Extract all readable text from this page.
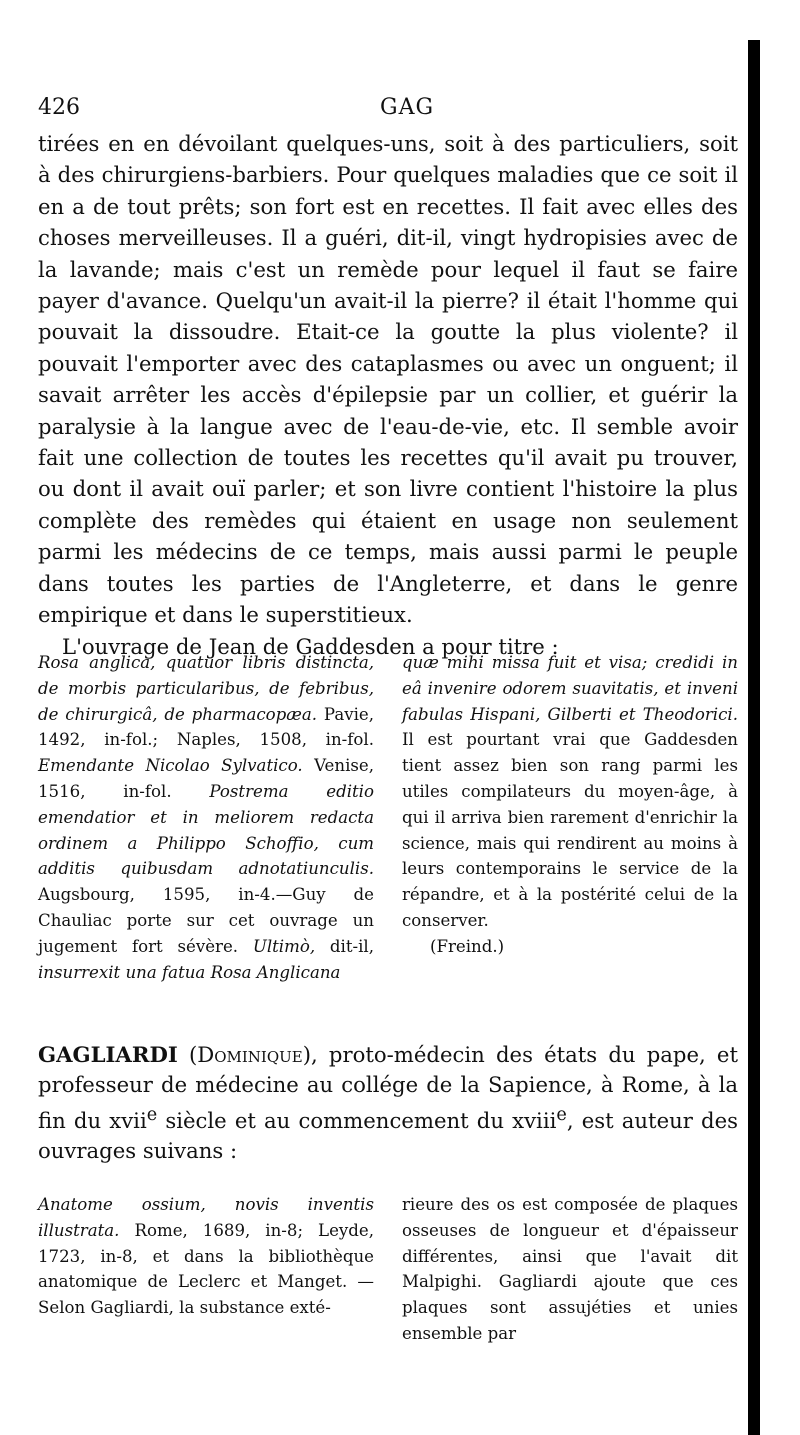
426	GAG

tirées en en dévoilant quelques-uns, soit à des particuliers, soit à des chirurgiens-barbiers. Pour quelques maladies que ce soit il en a de tout prêts; son fort est en recettes. Il fait avec elles des choses merveilleuses. Il a guéri, dit-il, vingt hydropisies avec de la lavande; mais c'est un remède pour lequel il faut se faire payer d'avance. Quelqu'un avait-il la pierre? il était l'homme qui pouvait la dissoudre. Etait-ce la goutte la plus violente? il pouvait l'emporter avec des cataplasmes ou avec un onguent; il savait arrêter les accès d'épilepsie par un collier, et guérir la paralysie à la langue avec de l'eau-de-vie, etc. Il semble avoir fait une collection de toutes les recettes qu'il avait pu trouver, ou dont il avait ouï parler; et son livre contient l'histoire la plus complète des remèdes qui étaient en usage non seulement parmi les médecins de ce temps, mais aussi parmi le peuple dans toutes les parties de l'Angleterre, et dans le genre empirique et dans le superstitieux.

L'ouvrage de Jean de Gaddesden a pour titre :

Rosa anglica, quatuor libris distincta, de morbis particularibus, de febribus, de chirurgicâ, de pharmacopæa. Pavie, 1492, in-fol.; Naples, 1508, in-fol. Emendante Nicolao Sylvatico. Venise, 1516, in-fol. Postrema editio emendatior et in meliorem redacta ordinem a Philippo Schoffio, cum additis quibusdam adnotatiunculis. Augsbourg, 1595, in-4.—Guy de Chauliac porte sur cet ouvrage un jugement fort sévère. Ultimò, dit-il, insurrexit una fatua Rosa Anglicana

quæ mihi missa fuit et visa; credidi in eâ invenire odorem suavitatis, et inveni fabulas Hispani, Gilberti et Theodorici. Il est pourtant vrai que Gaddesden tient assez bien son rang parmi les utiles compilateurs du moyen-âge, à qui il arriva bien rarement d'enrichir la science, mais qui rendirent au moins à leurs contemporains le service de la répandre, et à la postérité celui de la conserver.

(Freind.)

GAGLIARDI (Dominique), proto-médecin des états du pape, et professeur de médecine au collége de la Sapience, à Rome, à la fin du xvii$^e$ siècle et au commencement du xviii$^e$, est auteur des ouvrages suivans :

Anatome ossium, novis inventis illustrata. Rome, 1689, in-8; Leyde, 1723, in-8, et dans la bibliothèque anatomique de Leclerc et Manget. — Selon Gagliardi, la substance exté-

rieure des os est composée de plaques osseuses de longueur et d'épaisseur différentes, ainsi que l'avait dit Malpighi. Gagliardi ajoute que ces plaques sont assujéties et unies ensemble par
